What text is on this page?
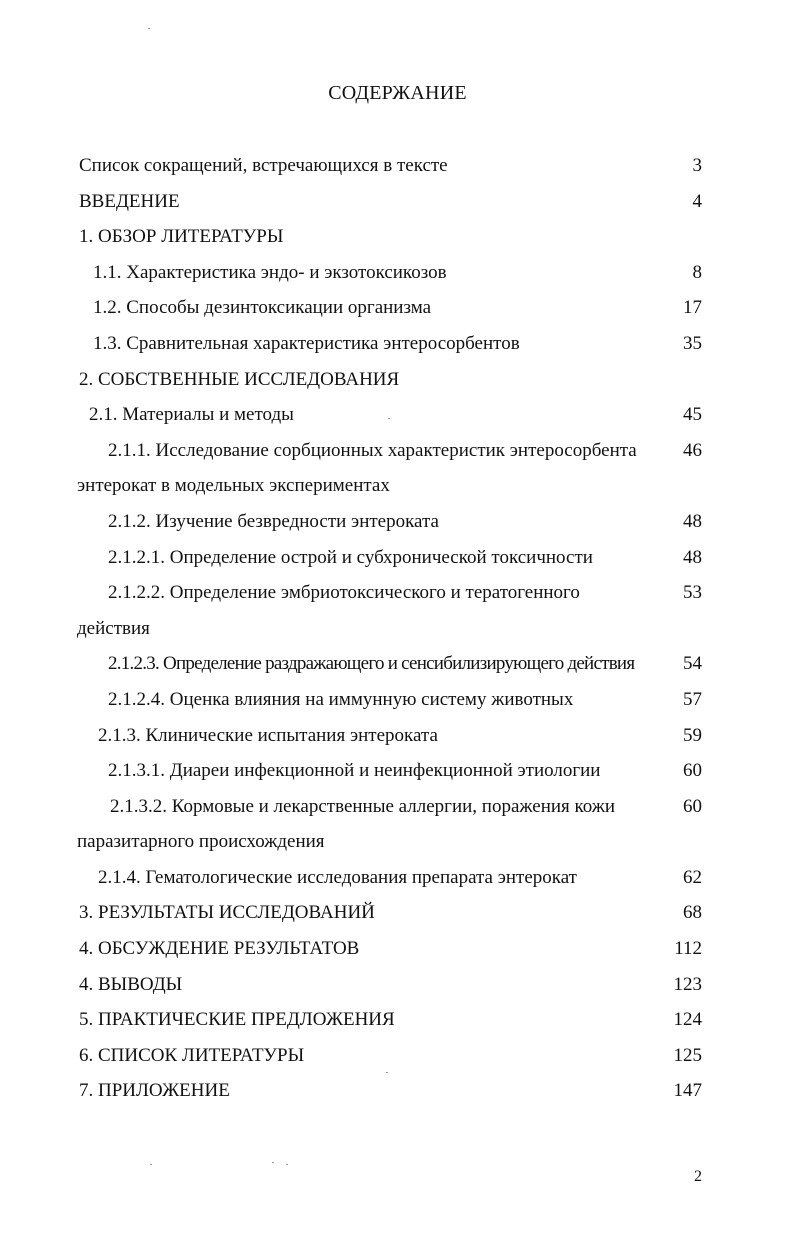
СОДЕРЖАНИЕ
Список сокращений, встречающихся в тексте	3
ВВЕДЕНИЕ	4
1. ОБЗОР ЛИТЕРАТУРЫ
1.1. Характеристика эндо- и экзотоксикозов	8
1.2. Способы дезинтоксикации организма	17
1.3. Сравнительная характеристика энтеросорбентов	35
2. СОБСТВЕННЫЕ ИССЛЕДОВАНИЯ
2.1. Материалы и методы	45
2.1.1. Исследование сорбционных характеристик энтеросорбента 46
энтерокат в модельных экспериментах
2.1.2. Изучение безвредности энтероката	48
2.1.2.1. Определение острой и субхронической токсичности	48
2.1.2.2. Определение эмбриотоксического и тератогенного	53
действия
2.1.2.3. Определение раздражающего и сенсибилизирующего действия	54
2.1.2.4. Оценка влияния на иммунную систему животных	57
2.1.3. Клинические испытания энтероката	59
2.1.3.1. Диареи инфекционной и неинфекционной этиологии	60
2.1.3.2. Кормовые и лекарственные аллергии, поражения кожи	60
паразитарного происхождения
2.1.4. Гематологические исследования препарата энтерокат	62
3. РЕЗУЛЬТАТЫ ИССЛЕДОВАНИЙ	68
4. ОБСУЖДЕНИЕ РЕЗУЛЬТАТОВ	112
4. ВЫВОДЫ	123
5. ПРАКТИЧЕСКИЕ ПРЕДЛОЖЕНИЯ	124
6. СПИСОК ЛИТЕРАТУРЫ	125
7. ПРИЛОЖЕНИЕ	147
2
